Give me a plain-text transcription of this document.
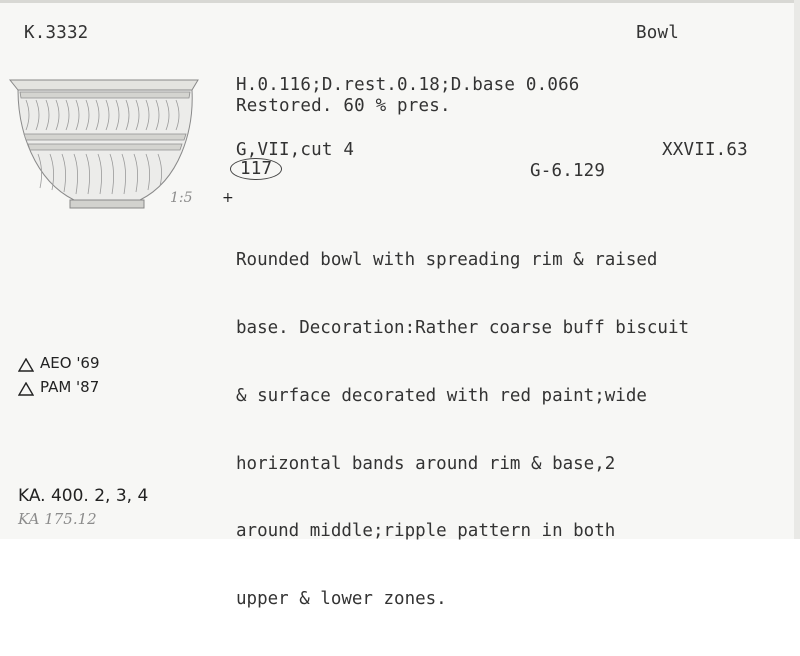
K.3332	Bowl
H.0.116;D.rest.0.18;D.base 0.066
Restored. 60 % pres.
G,VII,cut 4	XXVII.63
117	G-6.129
1:5 +

Rounded bowl with spreading rim & raised

base. Decoration:Rather coarse buff biscuit

& surface decorated with red paint;wide

horizontal bands around rim & base,2

around middle;ripple pattern in both

upper & lower zones.

AEO '69
PAM '87
KA. 400. 2, 3, 4
KA 175.12
